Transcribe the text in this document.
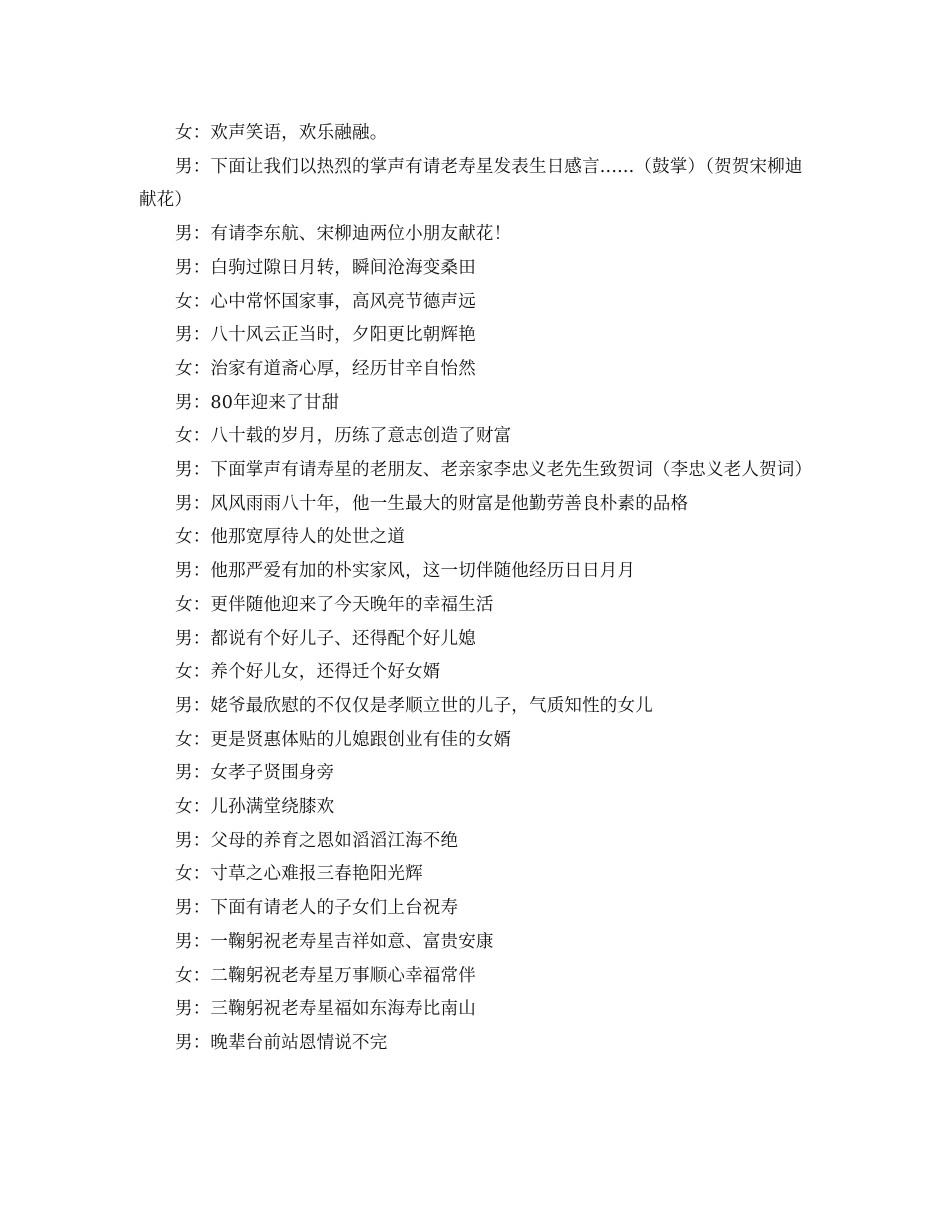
女：欢声笑语，欢乐融融。

男：下面让我们以热烈的掌声有请老寿星发表生日感言......（鼓掌）（贺贺宋柳迪献花）

男：有请李东航、宋柳迪两位小朋友献花！

男：白驹过隙日月转，瞬间沧海变桑田

女：心中常怀国家事，高风亮节德声远

男：八十风云正当时，夕阳更比朝辉艳

女：治家有道斋心厚，经历甘辛自怡然

男：80年迎来了甘甜

女：八十载的岁月，历练了意志创造了财富

男：下面掌声有请寿星的老朋友、老亲家李忠义老先生致贺词（李忠义老人贺词）

男：风风雨雨八十年，他一生最大的财富是他勤劳善良朴素的品格

女：他那宽厚待人的处世之道

男：他那严爱有加的朴实家风，这一切伴随他经历日日月月

女：更伴随他迎来了今天晚年的幸福生活

男：都说有个好儿子、还得配个好儿媳

女：养个好儿女，还得迁个好女婿

男：姥爷最欣慰的不仅仅是孝顺立世的儿子，气质知性的女儿

女：更是贤惠体贴的儿媳跟创业有佳的女婿

男：女孝子贤围身旁

女：儿孙满堂绕膝欢

男：父母的养育之恩如滔滔江海不绝

女：寸草之心难报三春艳阳光辉

男：下面有请老人的子女们上台祝寿

男：一鞠躬祝老寿星吉祥如意、富贵安康

女：二鞠躬祝老寿星万事顺心幸福常伴

男：三鞠躬祝老寿星福如东海寿比南山

男：晚辈台前站恩情说不完
